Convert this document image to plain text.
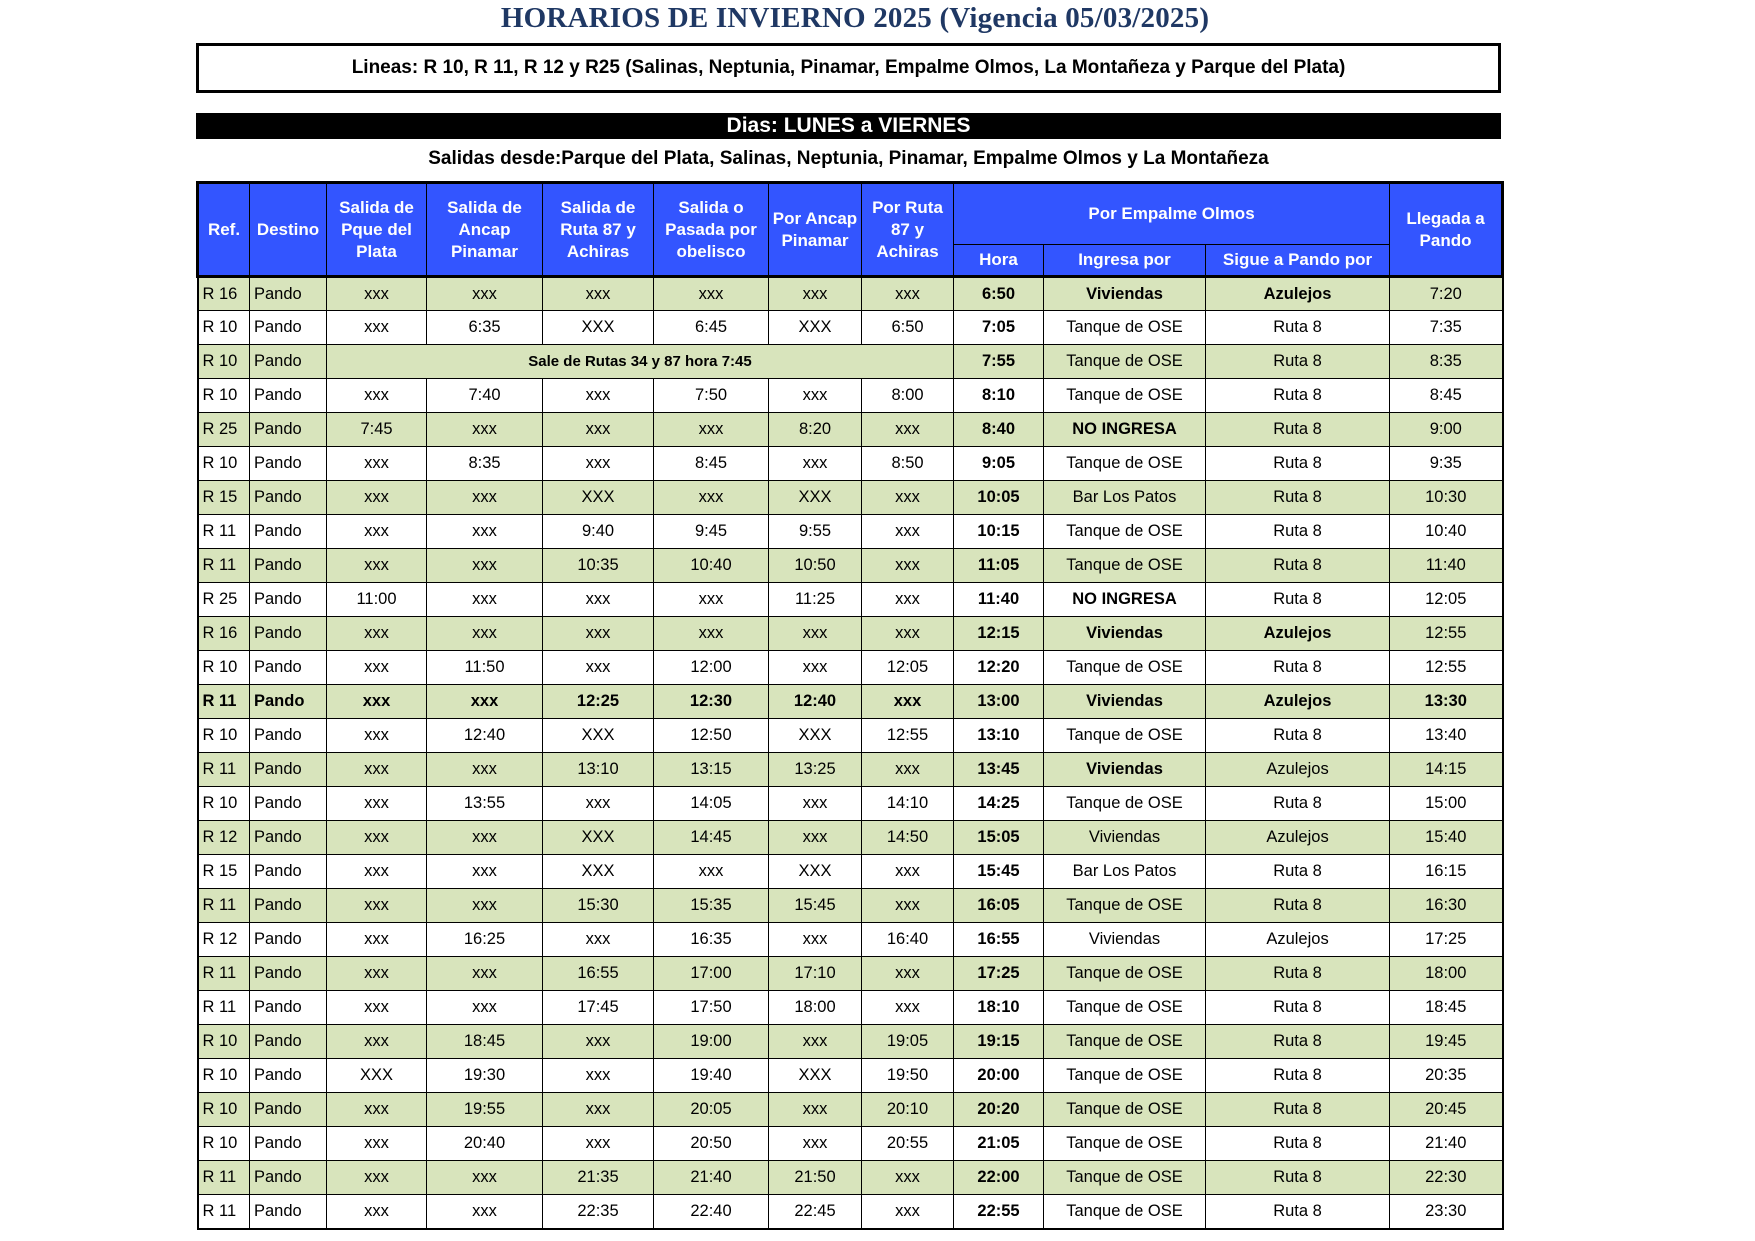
HORARIOS DE INVIERNO 2025 (Vigencia 05/03/2025)
Lineas: R 10, R 11, R 12 y R25 (Salinas, Neptunia, Pinamar, Empalme Olmos, La Montañeza y Parque del Plata)
Dias: LUNES a VIERNES
Salidas desde:Parque del Plata, Salinas, Neptunia, Pinamar, Empalme Olmos y La Montañeza
Ref.	Destino	Salida de Pque del Plata	Salida de Ancap Pinamar	Salida de Ruta 87 y Achiras	Salida o Pasada por obelisco	Por Ancap Pinamar	Por Ruta 87 y Achiras	Por Empalme Olmos			Llegada a Pando
								Hora	Ingresa por	Sigue a Pando por	
R 16	Pando	xxx	xxx	xxx	xxx	xxx	xxx	6:50	Viviendas	Azulejos	7:20
R 10	Pando	xxx	6:35	XXX	6:45	XXX	6:50	7:05	Tanque de OSE	Ruta 8	7:35
R 10	Pando	Sale de Rutas 34 y 87 hora 7:45						7:55	Tanque de OSE	Ruta 8	8:35
R 10	Pando	xxx	7:40	xxx	7:50	xxx	8:00	8:10	Tanque de OSE	Ruta 8	8:45
R 25	Pando	7:45	xxx	xxx	xxx	8:20	xxx	8:40	NO INGRESA	Ruta 8	9:00
R 10	Pando	xxx	8:35	xxx	8:45	xxx	8:50	9:05	Tanque de OSE	Ruta 8	9:35
R 15	Pando	xxx	xxx	XXX	xxx	XXX	xxx	10:05	Bar Los Patos	Ruta 8	10:30
R 11	Pando	xxx	xxx	9:40	9:45	9:55	xxx	10:15	Tanque de OSE	Ruta 8	10:40
R 11	Pando	xxx	xxx	10:35	10:40	10:50	xxx	11:05	Tanque de OSE	Ruta 8	11:40
R 25	Pando	11:00	xxx	xxx	xxx	11:25	xxx	11:40	NO INGRESA	Ruta 8	12:05
R 16	Pando	xxx	xxx	xxx	xxx	xxx	xxx	12:15	Viviendas	Azulejos	12:55
R 10	Pando	xxx	11:50	xxx	12:00	xxx	12:05	12:20	Tanque de OSE	Ruta 8	12:55
R 11	Pando	xxx	xxx	12:25	12:30	12:40	xxx	13:00	Viviendas	Azulejos	13:30
R 10	Pando	xxx	12:40	XXX	12:50	XXX	12:55	13:10	Tanque de OSE	Ruta 8	13:40
R 11	Pando	xxx	xxx	13:10	13:15	13:25	xxx	13:45	Viviendas	Azulejos	14:15
R 10	Pando	xxx	13:55	xxx	14:05	xxx	14:10	14:25	Tanque de OSE	Ruta 8	15:00
R 12	Pando	xxx	xxx	XXX	14:45	xxx	14:50	15:05	Viviendas	Azulejos	15:40
R 15	Pando	xxx	xxx	XXX	xxx	XXX	xxx	15:45	Bar Los Patos	Ruta 8	16:15
R 11	Pando	xxx	xxx	15:30	15:35	15:45	xxx	16:05	Tanque de OSE	Ruta 8	16:30
R 12	Pando	xxx	16:25	xxx	16:35	xxx	16:40	16:55	Viviendas	Azulejos	17:25
R 11	Pando	xxx	xxx	16:55	17:00	17:10	xxx	17:25	Tanque de OSE	Ruta 8	18:00
R 11	Pando	xxx	xxx	17:45	17:50	18:00	xxx	18:10	Tanque de OSE	Ruta 8	18:45
R 10	Pando	xxx	18:45	xxx	19:00	xxx	19:05	19:15	Tanque de OSE	Ruta 8	19:45
R 10	Pando	XXX	19:30	xxx	19:40	XXX	19:50	20:00	Tanque de OSE	Ruta 8	20:35
R 10	Pando	xxx	19:55	xxx	20:05	xxx	20:10	20:20	Tanque de OSE	Ruta 8	20:45
R 10	Pando	xxx	20:40	xxx	20:50	xxx	20:55	21:05	Tanque de OSE	Ruta 8	21:40
R 11	Pando	xxx	xxx	21:35	21:40	21:50	xxx	22:00	Tanque de OSE	Ruta 8	22:30
R 11	Pando	xxx	xxx	22:35	22:40	22:45	xxx	22:55	Tanque de OSE	Ruta 8	23:30
